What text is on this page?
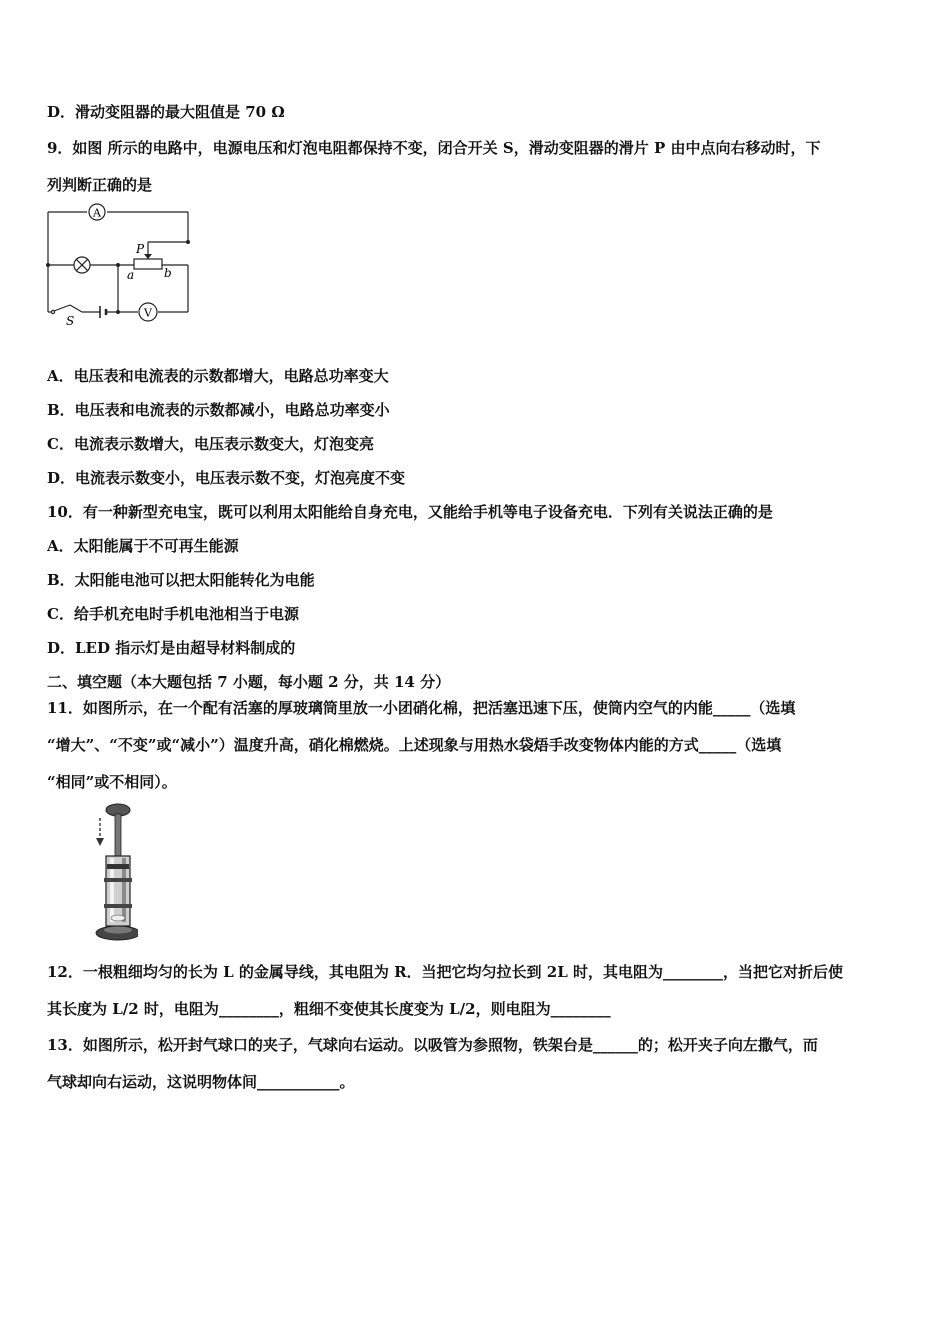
D．滑动变阻器的最大阻值是 70 Ω
9．如图 所示的电路中，电源电压和灯泡电阻都保持不变，闭合开关 S，滑动变阻器的滑片 P 由中点向右移动时，下
列判断正确的是
A
V
P
a b
S
A．电压表和电流表的示数都增大，电路总功率变大
B．电压表和电流表的示数都减小，电路总功率变小
C．电流表示数增大，电压表示数变大，灯泡变亮
D．电流表示数变小，电压表示数不变，灯泡亮度不变
10．有一种新型充电宝，既可以利用太阳能给自身充电，又能给手机等电子设备充电．下列有关说法正确的是
A．太阳能属于不可再生能源
B．太阳能电池可以把太阳能转化为电能
C．给手机充电时手机电池相当于电源
D．LED 指示灯是由超导材料制成的
二、填空题（本大题包括 7 小题，每小题 2 分，共 14 分）
11．如图所示，在一个配有活塞的厚玻璃筒里放一小团硝化棉，把活塞迅速下压，使筒内空气的内能_____（选填
“增大”、“不变”或“减小”）温度升高，硝化棉燃烧。上述现象与用热水袋焐手改变物体内能的方式_____（选填
“相同”或不相同）。
12．一根粗细均匀的长为 L 的金属导线，其电阻为 R．当把它均匀拉长到 2L 时，其电阻为________，当把它对折后使
其长度为 L/2 时，电阻为________，粗细不变使其长度变为 L/2，则电阻为________
13．如图所示，松开封气球口的夹子，气球向右运动。以吸管为参照物，铁架台是______的；松开夹子向左撒气，而
气球却向右运动，这说明物体间___________。
